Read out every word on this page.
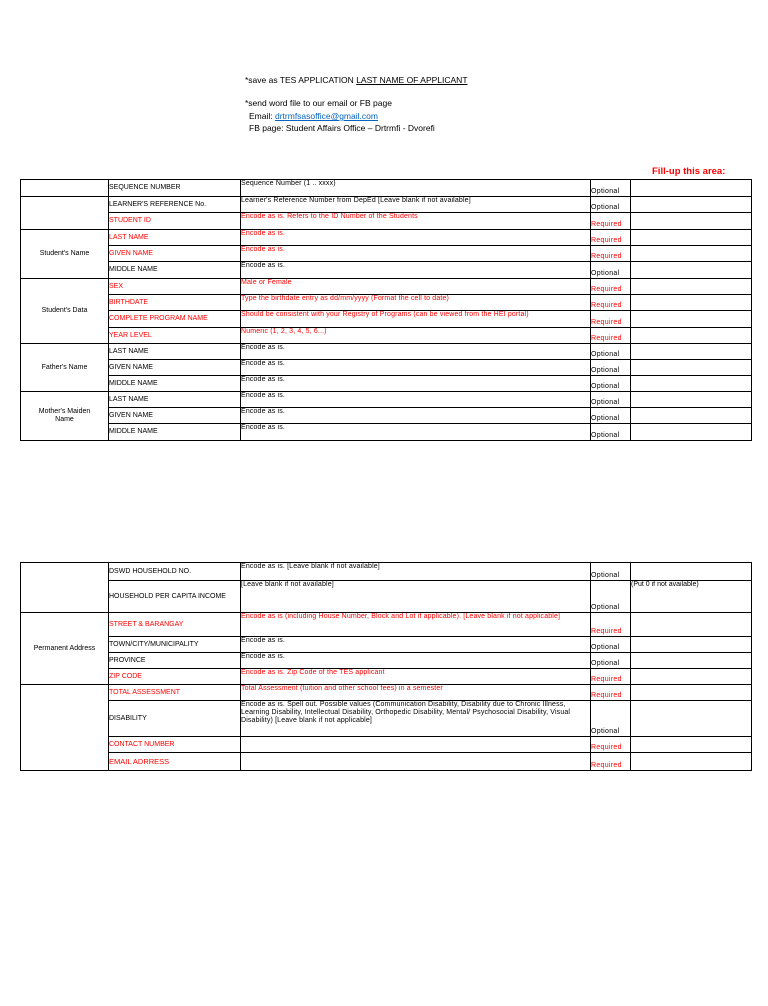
*save as TES APPLICATION LAST NAME OF APPLICANT
*send word file to our email or FB page
Email: drtrmfsasoffice@gmail.com
FB page: Student Affairs Office – Drtrmfi - Dvorefi
Fill-up this area:
	SEQUENCE NUMBER	Sequence Number (1 .. xxxx)	Optional	
	LEARNER'S REFERENCE No.	Learner's Reference Number from DepEd [Leave blank if not available]	Optional	
	STUDENT ID	Encode as is. Refers to the ID Number of the Students	Required	
Student's Name	LAST NAME	Encode as is.	Required	
	GIVEN NAME	Encode as is.	Required	
	MIDDLE NAME	Encode as is.	Optional	
Student's Data	SEX	Male or Female	Required	
	BIRTHDATE	Type the birthdate entry as dd/mm/yyyy (Format the cell to date)	Required	
	COMPLETE PROGRAM NAME	Should be consistent with your Registry of Programs (can be viewed from the HEI portal)	Required	
	YEAR LEVEL	Numeric (1, 2, 3, 4, 5, 6...)	Required	
Father's Name	LAST NAME	Encode as is.	Optional	
	GIVEN NAME	Encode as is.	Optional	
	MIDDLE NAME	Encode as is.	Optional	
Mother's Maiden Name	LAST NAME	Encode as is.	Optional	
	GIVEN NAME	Encode as is.	Optional	
	MIDDLE NAME	Encode as is.	Optional	
	DSWD HOUSEHOLD NO.	Encode as is. [Leave blank if not available]	Optional	
	HOUSEHOLD PER CAPITA INCOME	[Leave blank if not available]	Optional	(Put 0 if not available)
Permanent Address	STREET & BARANGAY	Encode as is (including House Number, Block and Lot if applicable). [Leave blank if not applicable]	Required	
	TOWN/CITY/MUNICIPALITY	Encode as is.	Optional	
	PROVINCE	Encode as is.	Optional	
	ZIP CODE	Encode as is. Zip Code of the TES applicant	Required	
	TOTAL ASSESSMENT	Total Assessment (tuition and other school fees) in a semester	Required	
	DISABILITY	Encode as is. Spell out. Possible values (Communication Disability, Disability due to Chronic Illness, Learning Disability, Intellectual Disability, Orthopedic Disability, Mental/ Psychosocial Disability, Visual Disability) [Leave blank if not applicable]	Optional	
	CONTACT NUMBER		Required	
	EMAIL ADRRESS		Required	
